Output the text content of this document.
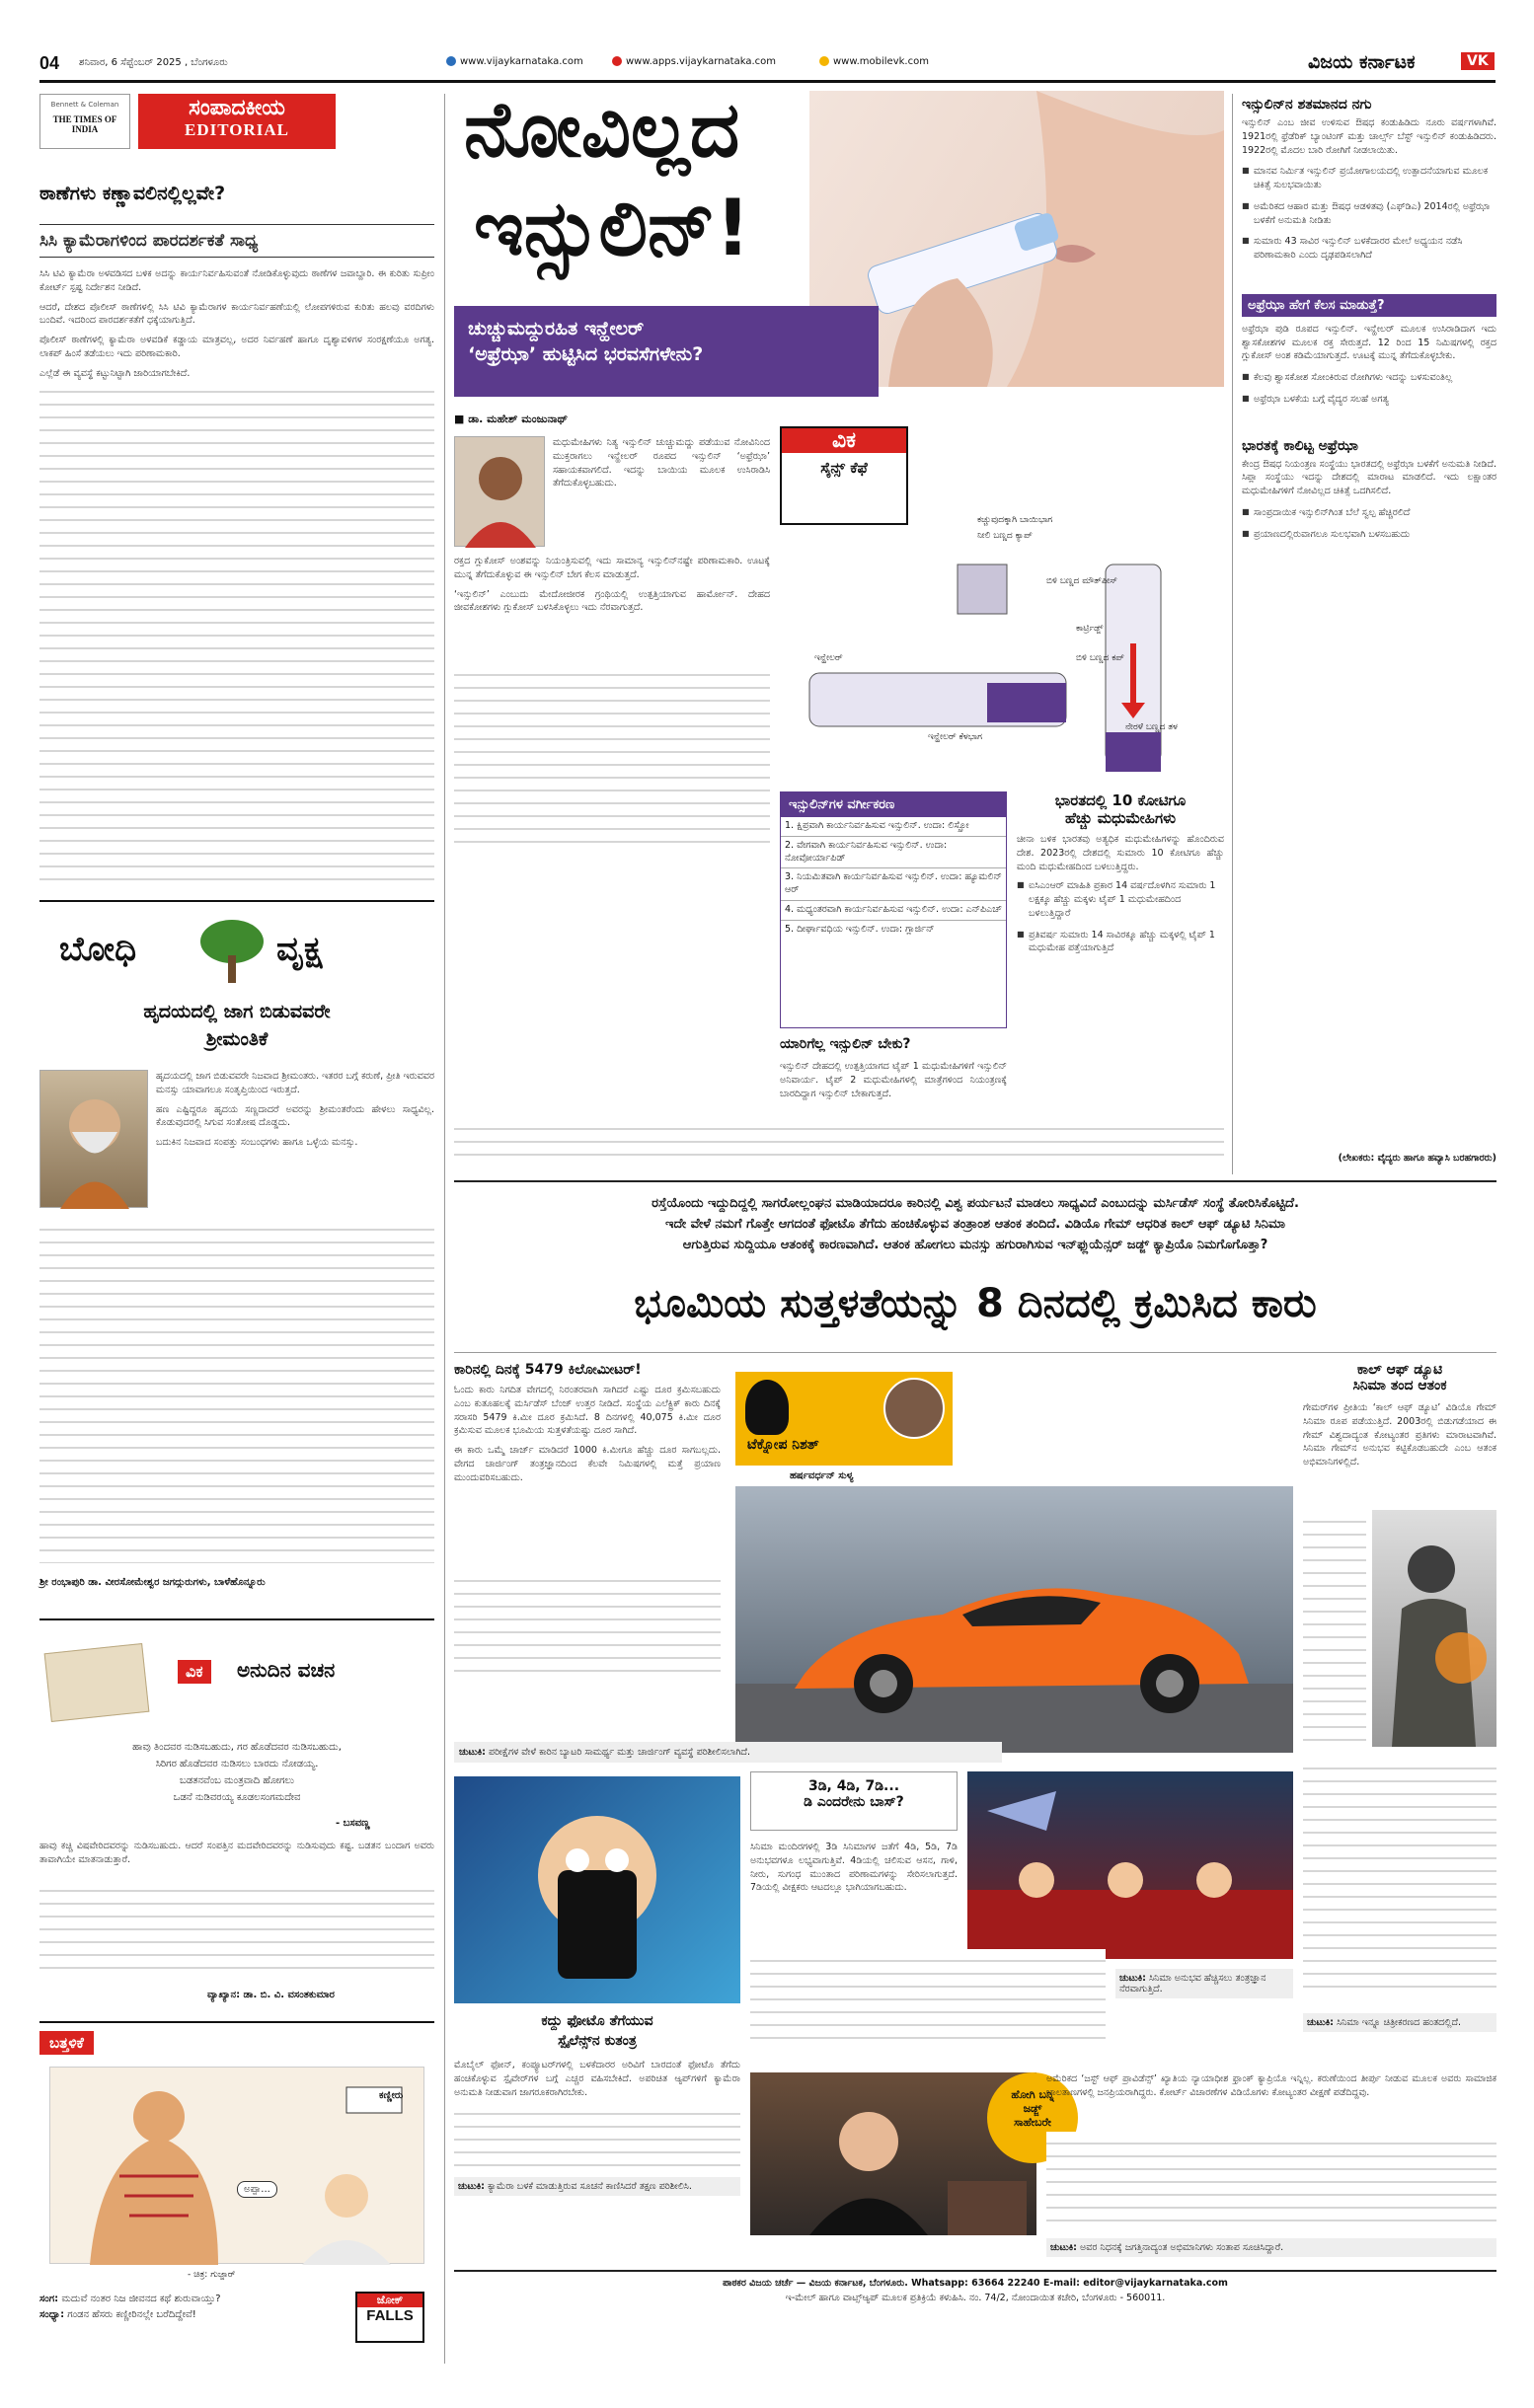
04 ಶನಿವಾರ, 6 ಸೆಪ್ಟೆಂಬರ್ 2025 , ಬೆಂಗಳೂರು	www.vijaykarnataka.com	www.apps.vijaykarnataka.com	www.mobilevk.com	ವಿಜಯ ಕರ್ನಾಟಕ	VK
Bennett & Coleman
THE TIMES OF INDIA
ಸಂಪಾದಕೀಯ
EDITORIAL
ಠಾಣೆಗಳು ಕಣ್ಣಾವಲಿನಲ್ಲಿಲ್ಲವೇ?
ಸಿಸಿ ಕ್ಯಾಮೆರಾಗಳಿಂದ ಪಾರದರ್ಶಕತೆ ಸಾಧ್ಯ

ಸಿಸಿ ಟಿವಿ ಕ್ಯಾಮೆರಾ ಅಳವಡಿಸದ ಬಳಿಕ ಅದನ್ನು ಕಾರ್ಯನಿರ್ವಹಿಸುವಂತೆ ನೋಡಿಕೊಳ್ಳುವುದು ಠಾಣೆಗಳ ಜವಾಬ್ದಾರಿ. ಈ ಕುರಿತು ಸುಪ್ರೀಂ ಕೋರ್ಟ್ ಸ್ಪಷ್ಟ ನಿರ್ದೇಶನ ನೀಡಿದೆ.

ಆದರೆ, ದೇಶದ ಪೊಲೀಸ್ ಠಾಣೆಗಳಲ್ಲಿ ಸಿಸಿ ಟಿವಿ ಕ್ಯಾಮೆರಾಗಳ ಕಾರ್ಯನಿರ್ವಹಣೆಯಲ್ಲಿ ಲೋಪಗಳಿರುವ ಕುರಿತು ಹಲವು ವರದಿಗಳು ಬಂದಿವೆ. ಇದರಿಂದ ಪಾರದರ್ಶಕತೆಗೆ ಧಕ್ಕೆಯಾಗುತ್ತಿದೆ.

ಪೊಲೀಸ್ ಠಾಣೆಗಳಲ್ಲಿ ಕ್ಯಾಮೆರಾ ಅಳವಡಿಕೆ ಕಡ್ಡಾಯ ಮಾತ್ರವಲ್ಲ, ಅದರ ನಿರ್ವಹಣೆ ಹಾಗೂ ದೃಶ್ಯಾವಳಿಗಳ ಸಂರಕ್ಷಣೆಯೂ ಅಗತ್ಯ. ಲಾಕಪ್ ಹಿಂಸೆ ತಡೆಯಲು ಇದು ಪರಿಣಾಮಕಾರಿ.

ಎಲ್ಲೆಡೆ ಈ ವ್ಯವಸ್ಥೆ ಕಟ್ಟುನಿಟ್ಟಾಗಿ ಜಾರಿಯಾಗಬೇಕಿದೆ.

ಬೋಧಿ	ವೃಕ್ಷ
ಹೃದಯದಲ್ಲಿ ಜಾಗ ಬಿಡುವವರೇ
ಶ್ರೀಮಂತಿಕೆ

ಹೃದಯದಲ್ಲಿ ಜಾಗ ಬಿಡುವವರೇ ನಿಜವಾದ ಶ್ರೀಮಂತರು. ಇತರರ ಬಗ್ಗೆ ಕರುಣೆ, ಪ್ರೀತಿ ಇರುವವರ ಮನಸ್ಸು ಯಾವಾಗಲೂ ಸಂತೃಪ್ತಿಯಿಂದ ಇರುತ್ತದೆ.

ಹಣ ಎಷ್ಟಿದ್ದರೂ ಹೃದಯ ಸಣ್ಣದಾದರೆ ಅವರನ್ನು ಶ್ರೀಮಂತರೆಂದು ಹೇಳಲು ಸಾಧ್ಯವಿಲ್ಲ. ಕೊಡುವುದರಲ್ಲಿ ಸಿಗುವ ಸಂತೋಷ ದೊಡ್ಡದು.

ಬದುಕಿನ ನಿಜವಾದ ಸಂಪತ್ತು ಸಂಬಂಧಗಳು ಹಾಗೂ ಒಳ್ಳೆಯ ಮನಸ್ಸು.

ಶ್ರೀ ರಂಭಾಪುರಿ ಡಾ. ವೀರಸೋಮೇಶ್ವರ ಜಗದ್ಗುರುಗಳು, ಬಾಳೆಹೊನ್ನೂರು
ವಿಕ	ಅನುದಿನ ವಚನ
ಹಾವು ತಿಂದವರ ನುಡಿಸಬಹುದು, ಗರ ಹೊಡೆದವರ ನುಡಿಸಬಹುದು,
ಸಿರಿಗರ ಹೊಡೆದವರ ನುಡಿಸಲು ಬಾರದು ನೋಡಯ್ಯ.
ಬಡತನವೆಂಬ ಮಂತ್ರವಾದಿ ಹೋಗಲು
ಒಡನೆ ನುಡಿವರಯ್ಯ ಕೂಡಲಸಂಗಮದೇವ
- ಬಸವಣ್ಣ
ಹಾವು ಕಚ್ಚಿ ವಿಷವೇರಿದವರನ್ನು ನುಡಿಸಬಹುದು. ಆದರೆ ಸಂಪತ್ತಿನ ಮದವೇರಿದವರನ್ನು ನುಡಿಸುವುದು ಕಷ್ಟ. ಬಡತನ ಬಂದಾಗ ಅವರು ತಾವಾಗಿಯೇ ಮಾತನಾಡುತ್ತಾರೆ.
ವ್ಯಾಖ್ಯಾನ: ಡಾ. ಬಿ. ವಿ. ವಸಂತಕುಮಾರ
ಬತ್ತಳಿಕೆ
ಕಣ್ಣೀರು
ಅಪ್ಪಾ...
- ಚಿತ್ರ: ಗುಜ್ಜಾರ್
ಸಂಗ: ಮದುವೆ ನಂತರ ನಿಜ ಜೀವನದ ಕಥೆ ಶುರುವಾಯ್ತು?
ಸಂಧ್ಯಾ: ಗಂಡನ ಹೆಸರು ಕಣ್ಣೀರಿನಲ್ಲೇ ಬರೆದಿದ್ದೇವೆ!
ಜೋಕ್
FALLS
ನೋವಿಲ್ಲದ
ಇನ್ಸುಲಿನ್!
ಚುಚ್ಚುಮದ್ದುರಹಿತ ಇನ್ಹೇಲರ್
‘ಅಫ್ರೆಝಾ’ ಹುಟ್ಟಿಸಿದ ಭರವಸೆಗಳೇನು?
■ ಡಾ. ಮಹೇಶ್ ಮಂಜುನಾಥ್

ಮಧುಮೇಹಿಗಳು ನಿತ್ಯ ಇನ್ಸುಲಿನ್ ಚುಚ್ಚುಮದ್ದು ಪಡೆಯುವ ನೋವಿನಿಂದ ಮುಕ್ತರಾಗಲು ಇನ್ಹೇಲರ್ ರೂಪದ ಇನ್ಸುಲಿನ್ ‘ಅಫ್ರೆಝಾ’ ಸಹಾಯಕವಾಗಲಿದೆ. ಇದನ್ನು ಬಾಯಿಯ ಮೂಲಕ ಉಸಿರಾಡಿಸಿ ತೆಗೆದುಕೊಳ್ಳಬಹುದು.

ರಕ್ತದ ಗ್ಲುಕೋಸ್ ಅಂಶವನ್ನು ನಿಯಂತ್ರಿಸುವಲ್ಲಿ ಇದು ಸಾಮಾನ್ಯ ಇನ್ಸುಲಿನ್‌ನಷ್ಟೇ ಪರಿಣಾಮಕಾರಿ. ಊಟಕ್ಕೆ ಮುನ್ನ ತೆಗೆದುಕೊಳ್ಳುವ ಈ ಇನ್ಸುಲಿನ್ ಬೇಗ ಕೆಲಸ ಮಾಡುತ್ತದೆ.

‘ಇನ್ಸುಲಿನ್’ ಎಂಬುದು ಮೇದೋಜೀರಕ ಗ್ರಂಥಿಯಲ್ಲಿ ಉತ್ಪತ್ತಿಯಾಗುವ ಹಾರ್ಮೋನ್. ದೇಹದ ಜೀವಕೋಶಗಳು ಗ್ಲುಕೋಸ್ ಬಳಸಿಕೊಳ್ಳಲು ಇದು ನೆರವಾಗುತ್ತದೆ.

ವಿಕ
ಸೈನ್ಸ್ ಕೆಫೆ
ಕಚ್ಚುವುದಕ್ಕಾಗಿ ಬಾಯಿಭಾಗ
ನೀಲಿ ಬಣ್ಣದ ಕ್ಯಾಪ್
ಬಿಳಿ ಬಣ್ಣದ ಮೌತ್‌ಪೀಸ್
ಕಾರ್ಟ್ರಿಡ್ಜ್
ಬಿಳಿ ಬಣ್ಣದ ಕಪ್
ಇನ್ಹೇಲರ್
ನೇರಳೆ ಬಣ್ಣದ ತಳ
ಇನ್ಹೇಲರ್ ಕೆಳಭಾಗ
ಇನ್ಸುಲಿನ್‌ಗಳ ವರ್ಗೀಕರಣ
1. ಕ್ಷಿಪ್ರವಾಗಿ ಕಾರ್ಯನಿರ್ವಹಿಸುವ ಇನ್ಸುಲಿನ್. ಉದಾ: ಲಿಸ್ಪ್ರೋ
2. ವೇಗವಾಗಿ ಕಾರ್ಯನಿರ್ವಹಿಸುವ ಇನ್ಸುಲಿನ್. ಉದಾ: ನೋವೋರ್ಯಾಪಿಡ್
3. ನಿಯಮಿತವಾಗಿ ಕಾರ್ಯನಿರ್ವಹಿಸುವ ಇನ್ಸುಲಿನ್. ಉದಾ: ಹ್ಯೂಮಲಿನ್ ಆರ್
4. ಮಧ್ಯಂತರವಾಗಿ ಕಾರ್ಯನಿರ್ವಹಿಸುವ ಇನ್ಸುಲಿನ್. ಉದಾ: ಎನ್‌ಪಿಎಚ್
5. ದೀರ್ಘಾವಧಿಯ ಇನ್ಸುಲಿನ್. ಉದಾ: ಗ್ಲಾರ್ಜಿನ್
ಯಾರಿಗೆಲ್ಲ ಇನ್ಸುಲಿನ್ ಬೇಕು?
ಇನ್ಸುಲಿನ್ ದೇಹದಲ್ಲಿ ಉತ್ಪತ್ತಿಯಾಗದ ಟೈಪ್ 1 ಮಧುಮೇಹಿಗಳಿಗೆ ಇನ್ಸುಲಿನ್ ಅನಿವಾರ್ಯ. ಟೈಪ್ 2 ಮಧುಮೇಹಿಗಳಲ್ಲಿ ಮಾತ್ರೆಗಳಿಂದ ನಿಯಂತ್ರಣಕ್ಕೆ ಬಾರದಿದ್ದಾಗ ಇನ್ಸುಲಿನ್ ಬೇಕಾಗುತ್ತದೆ.
ಭಾರತದಲ್ಲಿ 10 ಕೋಟಿಗೂ
ಹೆಚ್ಚು ಮಧುಮೇಹಿಗಳು

ಚೀನಾ ಬಳಿಕ ಭಾರತವು ಅತ್ಯಧಿಕ ಮಧುಮೇಹಿಗಳನ್ನು ಹೊಂದಿರುವ ದೇಶ. 2023ರಲ್ಲಿ ದೇಶದಲ್ಲಿ ಸುಮಾರು 10 ಕೋಟಿಗೂ ಹೆಚ್ಚು ಮಂದಿ ಮಧುಮೇಹದಿಂದ ಬಳಲುತ್ತಿದ್ದರು.

■ ಐಸಿಎಂಆರ್ ಮಾಹಿತಿ ಪ್ರಕಾರ 14 ವರ್ಷದೊಳಗಿನ ಸುಮಾರು 1 ಲಕ್ಷಕ್ಕೂ ಹೆಚ್ಚು ಮಕ್ಕಳು ಟೈಪ್ 1 ಮಧುಮೇಹದಿಂದ ಬಳಲುತ್ತಿದ್ದಾರೆ
■ ಪ್ರತಿವರ್ಷ ಸುಮಾರು 14 ಸಾವಿರಕ್ಕೂ ಹೆಚ್ಚು ಮಕ್ಕಳಲ್ಲಿ ಟೈಪ್ 1 ಮಧುಮೇಹ ಪತ್ತೆಯಾಗುತ್ತಿದೆ
ಇನ್ಸುಲಿನ್‌ನ ಶತಮಾನದ ನಗು

ಇನ್ಸುಲಿನ್ ಎಂಬ ಜೀವ ಉಳಿಸುವ ಔಷಧ ಕಂಡುಹಿಡಿದು ನೂರು ವರ್ಷಗಳಾಗಿವೆ. 1921ರಲ್ಲಿ ಫ್ರೆಡೆರಿಕ್ ಬ್ಯಾಂಟಿಂಗ್ ಮತ್ತು ಚಾರ್ಲ್ಸ್ ಬೆಸ್ಟ್ ಇನ್ಸುಲಿನ್ ಕಂಡುಹಿಡಿದರು. 1922ರಲ್ಲಿ ಮೊದಲ ಬಾರಿ ರೋಗಿಗೆ ನೀಡಲಾಯಿತು.

■ ಮಾನವ ನಿರ್ಮಿತ ಇನ್ಸುಲಿನ್ ಪ್ರಯೋಗಾಲಯದಲ್ಲಿ ಉತ್ಪಾದನೆಯಾಗುವ ಮೂಲಕ ಚಿಕಿತ್ಸೆ ಸುಲಭವಾಯಿತು
■ ಅಮೆರಿಕದ ಆಹಾರ ಮತ್ತು ಔಷಧ ಆಡಳಿತವು (ಎಫ್‌ಡಿಎ) 2014ರಲ್ಲಿ ಅಫ್ರೆಝಾ ಬಳಕೆಗೆ ಅನುಮತಿ ನೀಡಿತು
■ ಸುಮಾರು 43 ಸಾವಿರ ಇನ್ಸುಲಿನ್ ಬಳಕೆದಾರರ ಮೇಲೆ ಅಧ್ಯಯನ ನಡೆಸಿ ಪರಿಣಾಮಕಾರಿ ಎಂದು ದೃಢಪಡಿಸಲಾಗಿದೆ
ಅಫ್ರೆಝಾ ಹೇಗೆ ಕೆಲಸ ಮಾಡುತ್ತೆ?

ಅಫ್ರೆಝಾ ಪುಡಿ ರೂಪದ ಇನ್ಸುಲಿನ್. ಇನ್ಹೇಲರ್ ಮೂಲಕ ಉಸಿರಾಡಿದಾಗ ಇದು ಶ್ವಾಸಕೋಶಗಳ ಮೂಲಕ ರಕ್ತ ಸೇರುತ್ತದೆ. 12 ರಿಂದ 15 ನಿಮಿಷಗಳಲ್ಲಿ ರಕ್ತದ ಗ್ಲುಕೋಸ್ ಅಂಶ ಕಡಿಮೆಯಾಗುತ್ತದೆ. ಊಟಕ್ಕೆ ಮುನ್ನ ತೆಗೆದುಕೊಳ್ಳಬೇಕು.

■ ಕೆಲವು ಶ್ವಾಸಕೋಶ ಸೋಂಕಿರುವ ರೋಗಿಗಳು ಇದನ್ನು ಬಳಸುವಂತಿಲ್ಲ
■ ಅಫ್ರೆಝಾ ಬಳಕೆಯ ಬಗ್ಗೆ ವೈದ್ಯರ ಸಲಹೆ ಅಗತ್ಯ
ಭಾರತಕ್ಕೆ ಕಾಲಿಟ್ಟ ಅಫ್ರೆಝಾ

ಕೇಂದ್ರ ಔಷಧ ನಿಯಂತ್ರಣ ಸಂಸ್ಥೆಯು ಭಾರತದಲ್ಲಿ ಅಫ್ರೆಝಾ ಬಳಕೆಗೆ ಅನುಮತಿ ನೀಡಿದೆ. ಸಿಪ್ಲಾ ಸಂಸ್ಥೆಯು ಇದನ್ನು ದೇಶದಲ್ಲಿ ಮಾರಾಟ ಮಾಡಲಿದೆ. ಇದು ಲಕ್ಷಾಂತರ ಮಧುಮೇಹಿಗಳಿಗೆ ನೋವಿಲ್ಲದ ಚಿಕಿತ್ಸೆ ಒದಗಿಸಲಿದೆ.

■ ಸಾಂಪ್ರದಾಯಿಕ ಇನ್ಸುಲಿನ್‌ಗಿಂತ ಬೆಲೆ ಸ್ವಲ್ಪ ಹೆಚ್ಚಿರಲಿದೆ
■ ಪ್ರಯಾಣದಲ್ಲಿರುವಾಗಲೂ ಸುಲಭವಾಗಿ ಬಳಸಬಹುದು
(ಲೇಖಕರು: ವೈದ್ಯರು ಹಾಗೂ ಹವ್ಯಾಸಿ ಬರಹಗಾರರು)
ರಸ್ತೆಯೊಂದು ಇದ್ದುದಿದ್ದಲ್ಲಿ ಸಾಗರೋಲ್ಲಂಘನ ಮಾಡಿಯಾದರೂ ಕಾರಿನಲ್ಲಿ ವಿಶ್ವ ಪರ್ಯಟನೆ ಮಾಡಲು ಸಾಧ್ಯವಿದೆ ಎಂಬುದನ್ನು ಮರ್ಸಿಡೆಸ್ ಸಂಸ್ಥೆ ತೋರಿಸಿಕೊಟ್ಟಿದೆ.
ಇದೇ ವೇಳೆ ನಮಗೆ ಗೊತ್ತೇ ಆಗದಂತೆ ಫೋಟೊ ತೆಗೆದು ಹಂಚಿಕೊಳ್ಳುವ ತಂತ್ರಾಂಶ ಆತಂಕ ತಂದಿದೆ. ವಿಡಿಯೊ ಗೇಮ್ ಆಧರಿತ ಕಾಲ್ ಆಫ್ ಡ್ಯೂಟಿ ಸಿನಿಮಾ
ಆಗುತ್ತಿರುವ ಸುದ್ದಿಯೂ ಆತಂಕಕ್ಕೆ ಕಾರಣವಾಗಿದೆ. ಆತಂಕ ಹೋಗಲು ಮನಸ್ಸು ಹಗುರಾಗಿಸುವ ಇನ್‌ಫ್ಲುಯೆನ್ಸರ್ ಜಡ್ಜ್ ಕ್ಯಾಪ್ರಿಯೊ ನಿಮಗೊಗೊತ್ತಾ?
ಭೂಮಿಯ ಸುತ್ತಳತೆಯನ್ನು 8 ದಿನದಲ್ಲಿ ಕ್ರಮಿಸಿದ ಕಾರು
ಕಾರಿನಲ್ಲಿ ದಿನಕ್ಕೆ 5479 ಕಿಲೋಮೀಟರ್!

ಓಂದು ಕಾರು ನಿಗದಿತ ವೇಗದಲ್ಲಿ ನಿರಂತರವಾಗಿ ಸಾಗಿದರೆ ಎಷ್ಟು ದೂರ ಕ್ರಮಿಸಬಹುದು ಎಂಬ ಕುತೂಹಲಕ್ಕೆ ಮರ್ಸಿಡೆಸ್ ಬೆಂಜ್ ಉತ್ತರ ನೀಡಿದೆ. ಸಂಸ್ಥೆಯ ಎಲೆಕ್ಟ್ರಿಕ್ ಕಾರು ದಿನಕ್ಕೆ ಸರಾಸರಿ 5479 ಕಿ.ಮೀ ದೂರ ಕ್ರಮಿಸಿದೆ. 8 ದಿನಗಳಲ್ಲಿ 40,075 ಕಿ.ಮೀ ದೂರ ಕ್ರಮಿಸುವ ಮೂಲಕ ಭೂಮಿಯ ಸುತ್ತಳತೆಯಷ್ಟು ದೂರ ಸಾಗಿದೆ.

ಈ ಕಾರು ಒಮ್ಮೆ ಚಾರ್ಜ್ ಮಾಡಿದರೆ 1000 ಕಿ.ಮೀಗೂ ಹೆಚ್ಚು ದೂರ ಸಾಗಬಲ್ಲದು. ವೇಗದ ಚಾರ್ಜಿಂಗ್ ತಂತ್ರಜ್ಞಾನದಿಂದ ಕೆಲವೇ ನಿಮಿಷಗಳಲ್ಲಿ ಮತ್ತೆ ಪ್ರಯಾಣ ಮುಂದುವರಿಸಬಹುದು.

ಟೆಕ್ನೋಪ ನಿಶತ್
ಹರ್ಷವರ್ಧನ್ ಸುಳ್ಯ
ಕಾಲ್ ಆಫ್ ಡ್ಯೂಟಿ
ಸಿನಿಮಾ ತಂದ ಆತಂಕ

ಗೇಮರ್‌ಗಳ ಪ್ರೀತಿಯ ‘ಕಾಲ್ ಆಫ್ ಡ್ಯೂಟಿ’ ವಿಡಿಯೊ ಗೇಮ್ ಸಿನಿಮಾ ರೂಪ ಪಡೆಯುತ್ತಿದೆ. 2003ರಲ್ಲಿ ಬಿಡುಗಡೆಯಾದ ಈ ಗೇಮ್ ವಿಶ್ವದಾದ್ಯಂತ ಕೋಟ್ಯಂತರ ಪ್ರತಿಗಳು ಮಾರಾಟವಾಗಿವೆ. ಸಿನಿಮಾ ಗೇಮ್‌ನ ಅನುಭವ ಕಟ್ಟಿಕೊಡಬಹುದೇ ಎಂಬ ಆತಂಕ ಅಭಿಮಾನಿಗಳಲ್ಲಿದೆ.

ಚುಟುಕಿ: ಸಿನಿಮಾ ಇನ್ನೂ ಚಿತ್ರೀಕರಣದ ಹಂತದಲ್ಲಿದೆ.
ಚುಟುಕಿ: ಪರೀಕ್ಷೆಗಳ ವೇಳೆ ಕಾರಿನ ಬ್ಯಾಟರಿ ಸಾಮರ್ಥ್ಯ ಮತ್ತು ಚಾರ್ಜಿಂಗ್ ವ್ಯವಸ್ಥೆ ಪರಿಶೀಲಿಸಲಾಗಿದೆ.
ಕದ್ದು ಫೋಟೊ ತೆಗೆಯುವ
ಸ್ಪೈಲೆನ್ಸ್‌ನ ಕುತಂತ್ರ

ಮೊಬೈಲ್ ಫೋನ್, ಕಂಪ್ಯೂಟರ್‌ಗಳಲ್ಲಿ ಬಳಕೆದಾರರ ಅರಿವಿಗೆ ಬಾರದಂತೆ ಫೋಟೊ ತೆಗೆದು ಹಂಚಿಕೊಳ್ಳುವ ಸ್ಪೈವೇರ್‌ಗಳ ಬಗ್ಗೆ ಎಚ್ಚರ ವಹಿಸಬೇಕಿದೆ. ಅಪರಿಚಿತ ಆ್ಯಪ್‌ಗಳಿಗೆ ಕ್ಯಾಮೆರಾ ಅನುಮತಿ ನೀಡುವಾಗ ಜಾಗರೂಕರಾಗಿರಬೇಕು.

ಚುಟುಕಿ: ಕ್ಯಾಮೆರಾ ಬಳಕೆ ಮಾಡುತ್ತಿರುವ ಸೂಚನೆ ಕಾಣಿಸಿದರೆ ತಕ್ಷಣ ಪರಿಶೀಲಿಸಿ.
3ಡಿ, 4ಡಿ, 7ಡಿ...
ಡಿ ಎಂದರೇನು ಬಾಸ್?

ಸಿನಿಮಾ ಮಂದಿರಗಳಲ್ಲಿ 3ಡಿ ಸಿನಿಮಾಗಳ ಜತೆಗೆ 4ಡಿ, 5ಡಿ, 7ಡಿ ಅನುಭವಗಳೂ ಲಭ್ಯವಾಗುತ್ತಿವೆ. 4ಡಿಯಲ್ಲಿ ಚಲಿಸುವ ಆಸನ, ಗಾಳಿ, ನೀರು, ಸುಗಂಧ ಮುಂತಾದ ಪರಿಣಾಮಗಳನ್ನು ಸೇರಿಸಲಾಗುತ್ತದೆ. 7ಡಿಯಲ್ಲಿ ವೀಕ್ಷಕರು ಆಟದಲ್ಲೂ ಭಾಗಿಯಾಗಬಹುದು.

ಚುಟುಕಿ: ಸಿನಿಮಾ ಅನುಭವ ಹೆಚ್ಚಿಸಲು ತಂತ್ರಜ್ಞಾನ ನೆರವಾಗುತ್ತಿದೆ.
ಹೋಗಿ ಬನ್ನಿ
ಜಡ್ಜ್
ಸಾಹೇಬರೇ

ಅಮೆರಿಕದ ‘ಜಸ್ಟ್ ಆಫ್ ಪ್ರಾವಿಡೆನ್ಸ್’ ಖ್ಯಾತಿಯ ನ್ಯಾಯಾಧೀಶ ಫ್ರಾಂಕ್ ಕ್ಯಾಪ್ರಿಯೊ ಇನ್ನಿಲ್ಲ. ಕರುಣೆಯಿಂದ ತೀರ್ಪು ನೀಡುವ ಮೂಲಕ ಅವರು ಸಾಮಾಜಿಕ ಜಾಲತಾಣಗಳಲ್ಲಿ ಜನಪ್ರಿಯರಾಗಿದ್ದರು. ಕೋರ್ಟ್ ವಿಚಾರಣೆಗಳ ವಿಡಿಯೊಗಳು ಕೋಟ್ಯಂತರ ವೀಕ್ಷಣೆ ಪಡೆದಿದ್ದವು.

ಚುಟುಕಿ: ಅವರ ನಿಧನಕ್ಕೆ ಜಗತ್ತಿನಾದ್ಯಂತ ಅಭಿಮಾನಿಗಳು ಸಂತಾಪ ಸೂಚಿಸಿದ್ದಾರೆ.
ಪಾಠಕರ ವಿಜಯ ಚರ್ಚೆ — ವಿಜಯ ಕರ್ನಾಟಕ, ಬೆಂಗಳೂರು. Whatsapp: 63664 22240 E-mail: editor@vijaykarnataka.com
ಇ-ಮೇಲ್ ಹಾಗೂ ವಾಟ್ಸ್ಆ್ಯಪ್ ಮೂಲಕ ಪ್ರತಿಕ್ರಿಯೆ ಕಳುಹಿಸಿ. ನಂ. 74/2, ನೋಂದಾಯಿತ ಕಚೇರಿ, ಬೆಂಗಳೂರು - 560011.
